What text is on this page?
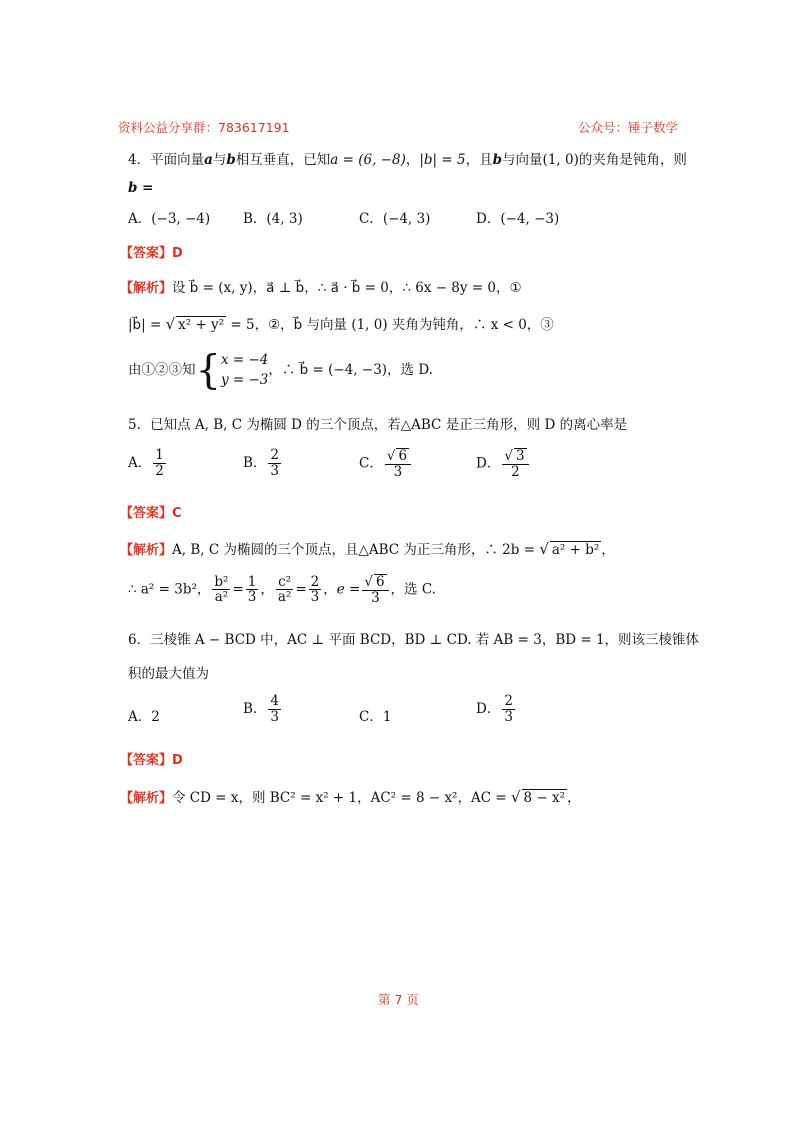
资料公益分享群：783617191	公众号：锤子数学
4．平面向量a与b相互垂直，已知a = (6, −8)，|b| = 5，且b与向量(1, 0)的夹角是钝角，则
b =
A．(−3, −4) B．(4, 3)	C．(−4, 3)	D．(−4, −3)
【答案】D
【解析】设 b⃗ = (x, y)，a⃗ ⊥ b⃗，∴ a⃗ · b⃗ = 0，∴ 6x − 8y = 0，①
|b⃗| = √ x² + y² = 5，②，b⃗ 与向量 (1, 0) 夹角为钝角，∴ x < 0，③
由①②③知{ x = −4
y = −3
，∴ b⃗ = (−4, −3)，选 D.
5．已知点 A, B, C 为椭圆 D 的三个顶点，若△ABC 是正三角形，则 D 的离心率是
A． $\frac{1}{2}$	B． $\frac{2}{3}$	C． $\frac{√ 6}{3}$	D． $\frac{√ 3}{2}$
【答案】C
【解析】A, B, C 为椭圆的三个顶点，且△ABC 为正三角形，∴ 2b = √ a² + b² ，
∴ a² = 3b²， $\frac{\text{b²}}{\text{a²}} = \frac{1}{3}$ ， $\frac{\text{c²}}{\text{a²}} = \frac{2}{3}$ ，$e = \frac{√ 6}{3}$ ，选 C.
6．三棱锥 A − BCD 中，AC ⊥ 平面 BCD，BD ⊥ CD. 若 AB = 3，BD = 1，则该三棱锥体
积的最大值为
A．2
B． $\frac{4}{3}$	C．1
D． $\frac{2}{3}$
【答案】D
【解析】令 CD = x，则 BC² = x² + 1，AC² = 8 − x²，AC = √ 8 − x² ，
第 7 页
